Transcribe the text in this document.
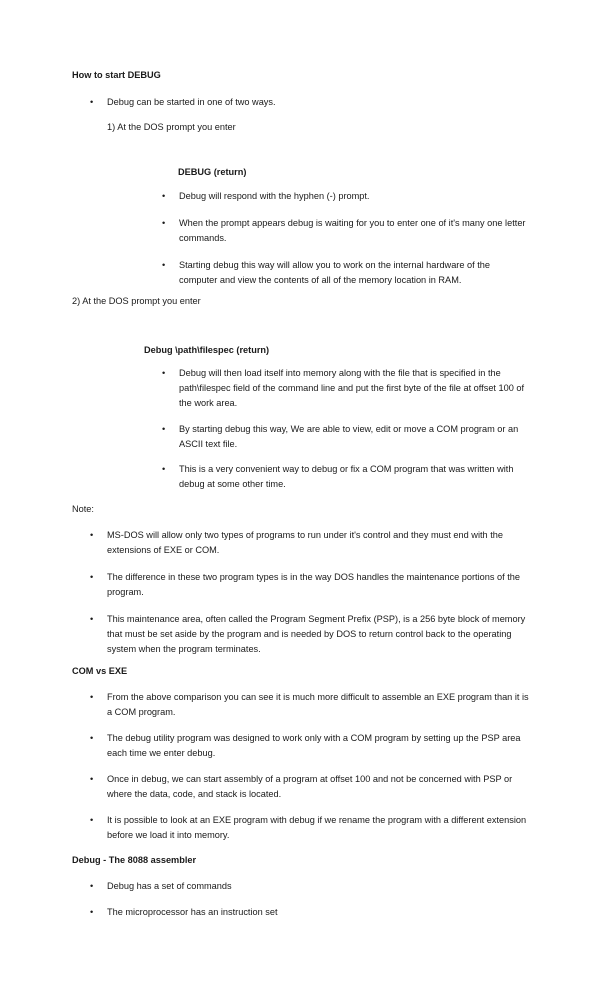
How to start DEBUG
• Debug can be started in one of two ways.
1) At the DOS prompt you enter
DEBUG (return)
• Debug will respond with the hyphen (-) prompt.
• When the prompt appears debug is waiting for you to enter one of it's many one letter commands.
• Starting debug this way will allow you to work on the internal hardware of the computer and view the contents of all of the memory location in RAM.
2) At the DOS prompt you enter
Debug \path\filespec (return)
• Debug will then load itself into memory along with the file that is specified in the path\filespec field of the command line and put the first byte of the file at offset 100 of the work area.
• By starting debug this way, We are able to view, edit or move a COM program or an ASCII text file.
• This is a very convenient way to debug or fix a COM program that was written with debug at some other time.
Note:
• MS-DOS will allow only two types of programs to run under it's control and they must end with the extensions of EXE or COM.
• The difference in these two program types is in the way DOS handles the maintenance portions of the program.
• This maintenance area, often called the Program Segment Prefix (PSP), is a 256 byte block of memory that must be set aside by the program and is needed by DOS to return control back to the operating system when the program terminates.
COM vs EXE
• From the above comparison you can see it is much more difficult to assemble an EXE program than it is a COM program.
• The debug utility program was designed to work only with a COM program by setting up the PSP area each time we enter debug.
• Once in debug, we can start assembly of a program at offset 100 and not be concerned with PSP or where the data, code, and stack is located.
• It is possible to look at an EXE program with debug if we rename the program with a different extension before we load it into memory.
Debug - The 8088 assembler
• Debug has a set of commands
• The microprocessor has an instruction set
